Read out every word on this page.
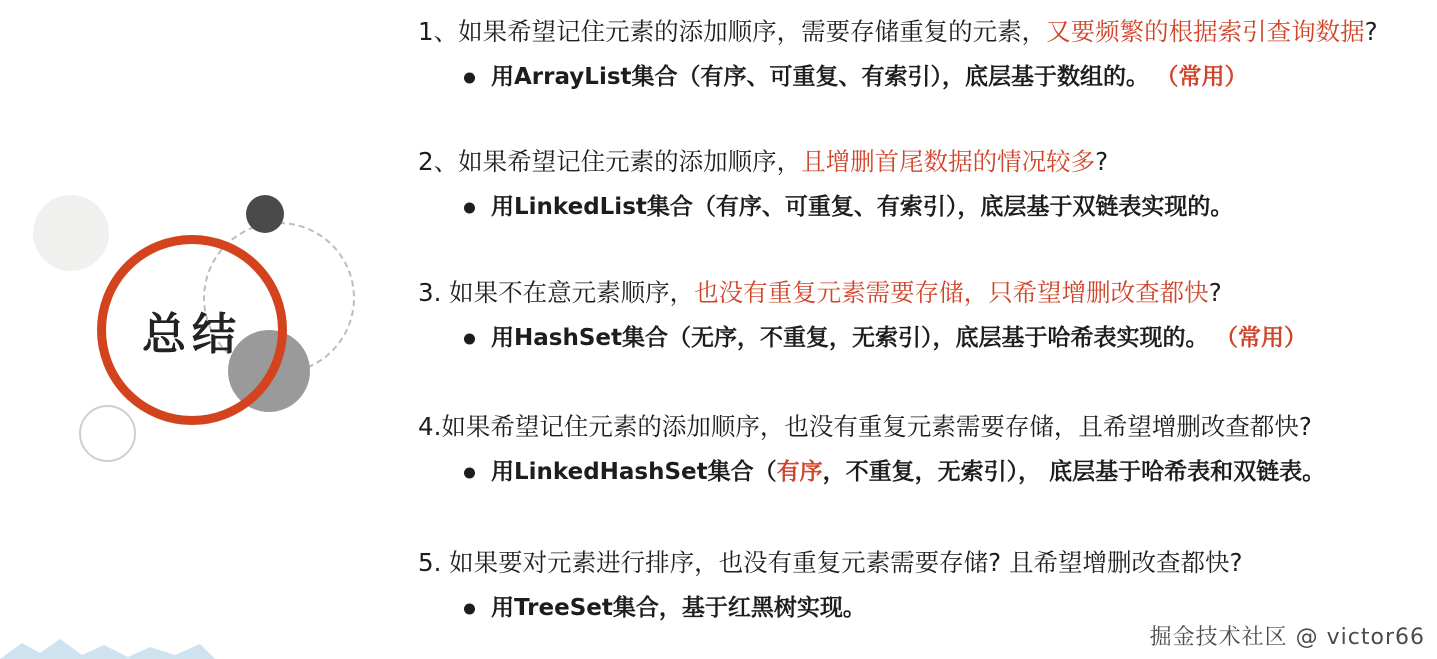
总结
1、如果希望记住元素的添加顺序，需要存储重复的元素，又要频繁的根据索引查询数据?
用ArrayList集合（有序、可重复、有索引），底层基于数组的。 （常用）
2、如果希望记住元素的添加顺序，且增删首尾数据的情况较多?
用LinkedList集合（有序、可重复、有索引），底层基于双链表实现的。
3. 如果不在意元素顺序，也没有重复元素需要存储，只希望增删改查都快?
用HashSet集合（无序，不重复，无索引），底层基于哈希表实现的。 （常用）
4.如果希望记住元素的添加顺序，也没有重复元素需要存储，且希望增删改查都快?
用LinkedHashSet集合（有序，不重复，无索引）， 底层基于哈希表和双链表。
5. 如果要对元素进行排序，也没有重复元素需要存储? 且希望增删改查都快?
用TreeSet集合，基于红黑树实现。
掘金技术社区 @ victor66
